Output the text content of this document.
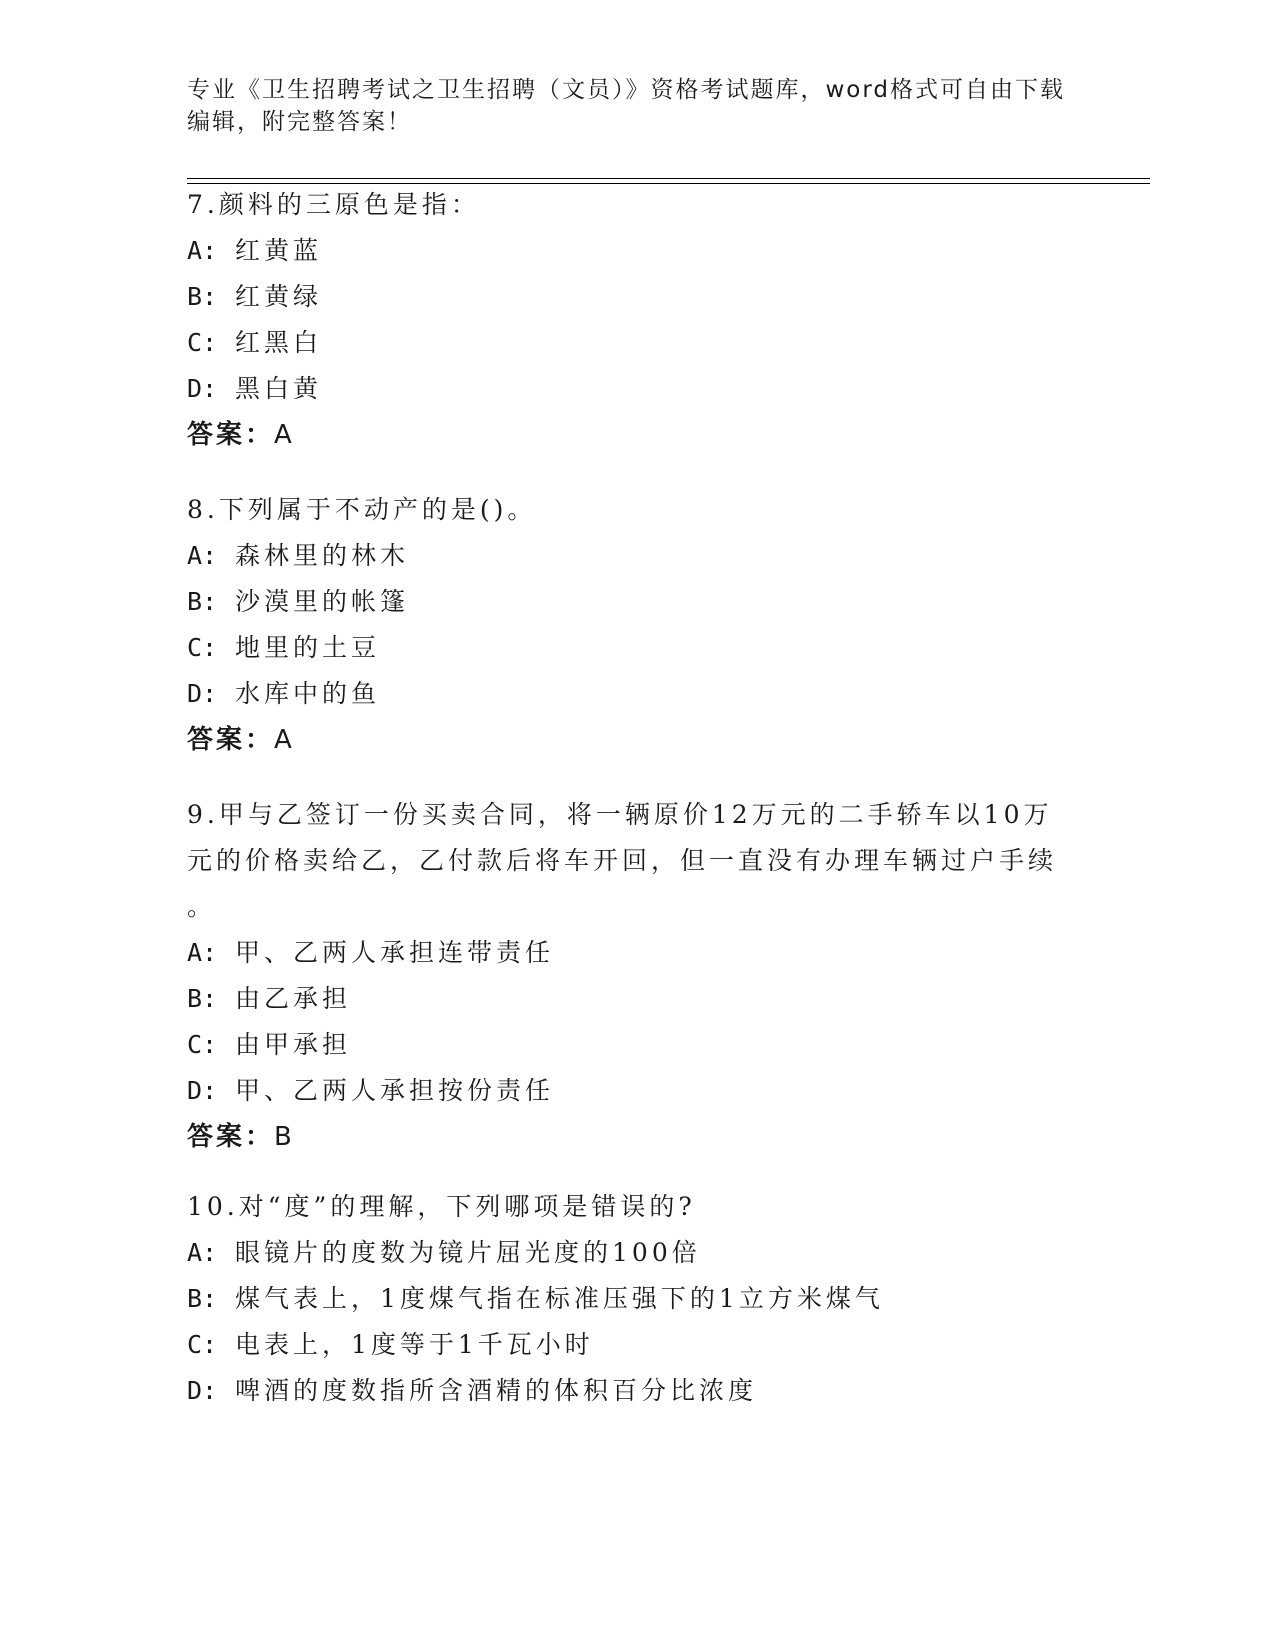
专业《卫生招聘考试之卫生招聘（文员）》资格考试题库，word格式可自由下载
编辑，附完整答案！
7.颜料的三原色是指：
A: 红黄蓝
B: 红黄绿
C: 红黑白
D: 黑白黄
答案：A
8.下列属于不动产的是()。
A: 森林里的林木
B: 沙漠里的帐篷
C: 地里的土豆
D: 水库中的鱼
答案：A
9.甲与乙签订一份买卖合同，将一辆原价12万元的二手轿车以10万
元的价格卖给乙，乙付款后将车开回，但一直没有办理车辆过户手续
。
A: 甲、乙两人承担连带责任
B: 由乙承担
C: 由甲承担
D: 甲、乙两人承担按份责任
答案：B
10.对“度”的理解，下列哪项是错误的?
A: 眼镜片的度数为镜片屈光度的100倍
B: 煤气表上，1度煤气指在标准压强下的1立方米煤气
C: 电表上，1度等于1千瓦小时
D: 啤酒的度数指所含酒精的体积百分比浓度
